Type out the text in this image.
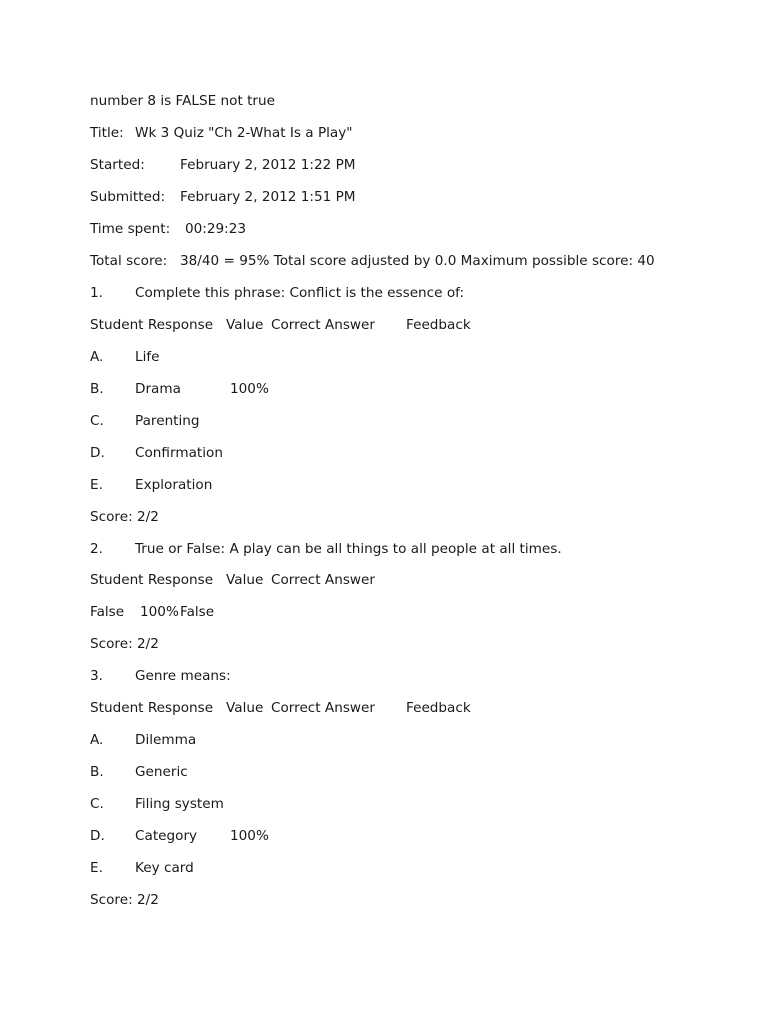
number 8 is FALSE not true
Title: Wk 3 Quiz "Ch 2-What Is a Play"
Started:	February 2, 2012 1:22 PM
Submitted: February 2, 2012 1:51 PM
Time spent: 00:29:23
Total score: 38/40 = 95% Total score adjusted by 0.0 Maximum possible score: 40
1. Complete this phrase: Conflict is the essence of:
Student Response Value Correct Answer Feedback
A. Life
B. Drama	100%
C. Parenting
D. Confirmation
E. Exploration
Score: 2/2
2. True or False: A play can be all things to all people at all times.
Student Response Value Correct Answer
False 100% False
Score: 2/2
3. Genre means:
Student Response Value Correct Answer Feedback
A. Dilemma
B. Generic
C. Filing system
D. Category 100%
E. Key card
Score: 2/2
